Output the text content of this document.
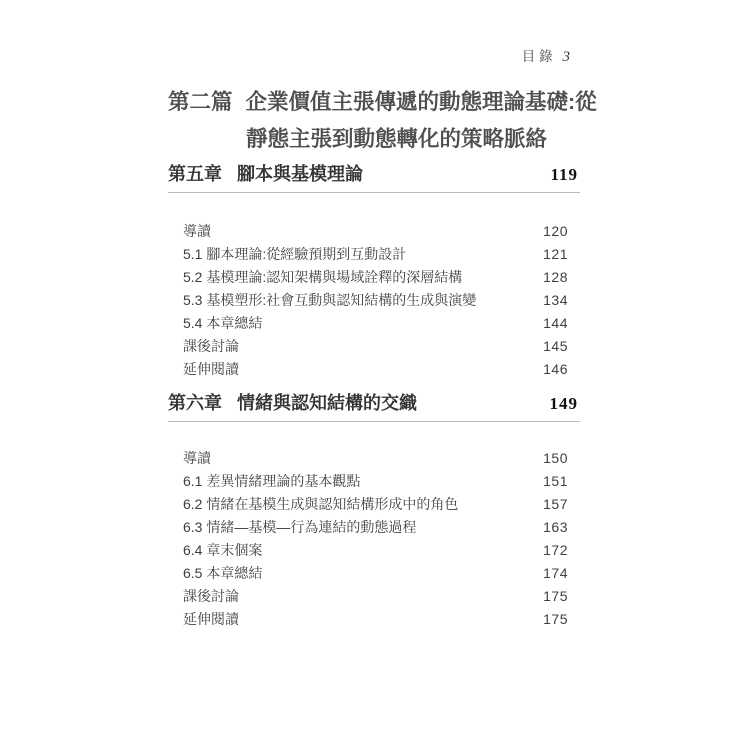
目 錄 3
第二篇 企業價值主張傳遞的動態理論基礎:從
靜態主張到動態轉化的策略脈絡
第五章 腳本與基模理論	119
導讀	120
5.1 腳本理論:從經驗預期到互動設計	121
5.2 基模理論:認知架構與場域詮釋的深層結構	128
5.3 基模塑形:社會互動與認知結構的生成與演變	134
5.4 本章總結	144
課後討論	145
延伸閱讀	146
第六章 情緒與認知結構的交織	149
導讀	150
6.1 差異情緒理論的基本觀點	151
6.2 情緒在基模生成與認知結構形成中的角色	157
6.3 情緒—基模—行為連結的動態過程	163
6.4 章末個案	172
6.5 本章總結	174
課後討論	175
延伸閱讀	175
